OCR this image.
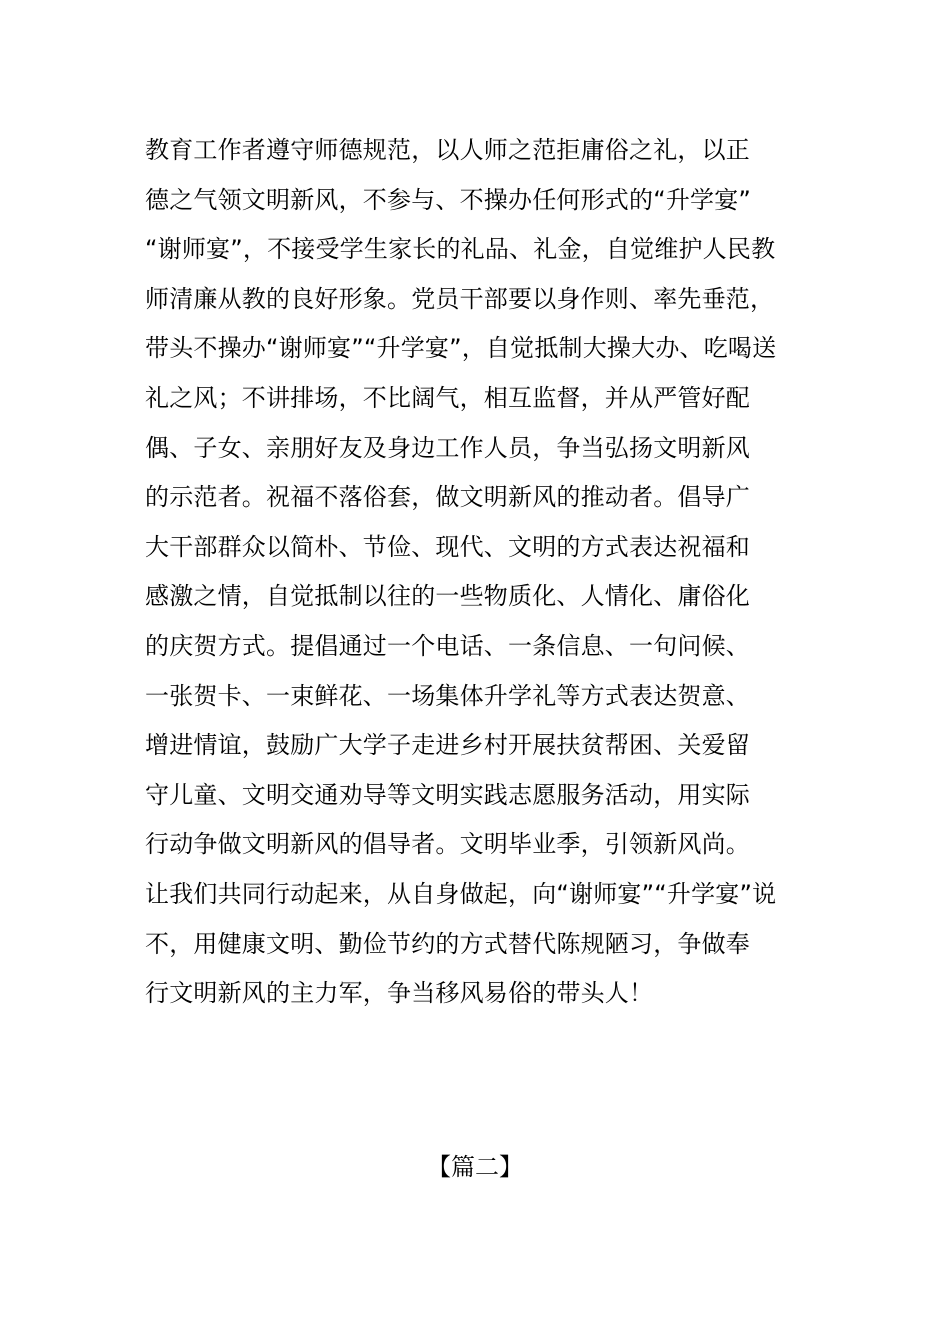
教育工作者遵守师德规范，以人师之范拒庸俗之礼，以正
德之气领文明新风，不参与、不操办任何形式的“升学宴”
“谢师宴”，不接受学生家长的礼品、礼金，自觉维护人民教
师清廉从教的良好形象。党员干部要以身作则、率先垂范，
带头不操办“谢师宴”“升学宴”，自觉抵制大操大办、吃喝送
礼之风；不讲排场，不比阔气，相互监督，并从严管好配
偶、子女、亲朋好友及身边工作人员，争当弘扬文明新风
的示范者。祝福不落俗套，做文明新风的推动者。倡导广
大干部群众以简朴、节俭、现代、文明的方式表达祝福和
感激之情，自觉抵制以往的一些物质化、人情化、庸俗化
的庆贺方式。提倡通过一个电话、一条信息、一句问候、
一张贺卡、一束鲜花、一场集体升学礼等方式表达贺意、
增进情谊，鼓励广大学子走进乡村开展扶贫帮困、关爱留
守儿童、文明交通劝导等文明实践志愿服务活动，用实际
行动争做文明新风的倡导者。文明毕业季，引领新风尚。
让我们共同行动起来，从自身做起，向“谢师宴”“升学宴”说
不，用健康文明、勤俭节约的方式替代陈规陋习，争做奉
行文明新风的主力军，争当移风易俗的带头人！
【篇二】
